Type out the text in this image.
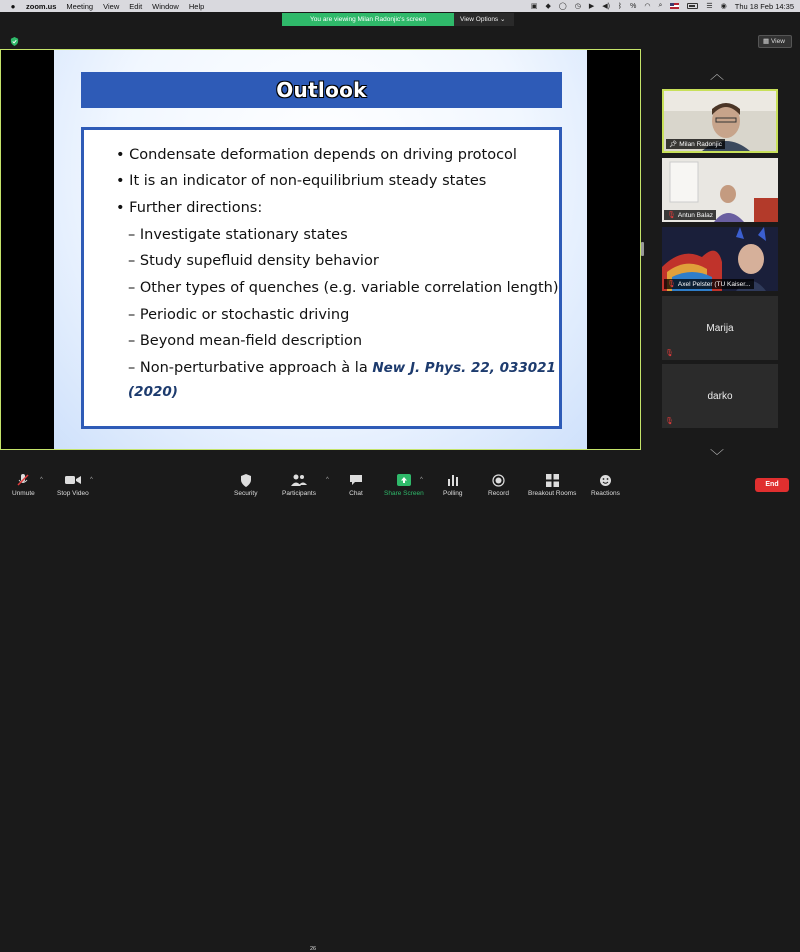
●	zoom.us Meeting View Edit Window Help	▣ ◆ ◯ ◷ ▶ ◀) ᛒ % ◠ ⌕	☰ ◉ Thu 18 Feb 14:35
You are viewing Milan Radonjic's screen	View Options ⌄
▦ View
Outlook
• Condensate deformation depends on driving protocol
• It is an indicator of non-equilibrium steady states
• Further directions:
– Investigate stationary states
– Study supefluid density behavior
– Other types of quenches (e.g. variable correlation length)
– Periodic or stochastic driving
– Beyond mean-field description
– Non-perturbative approach à la New J. Phys. 22, 033021
(2020)
︿
📌︎ Milan Radonjic
🎙︎ Antun Balaz
🎙︎ Axel Pelster (TU Kaiser...
Marija
🎙︎
darko
🎙︎
﹀
Unmute
^
Stop Video
^
Security	Participants
26
^
Chat	Share Screen
^
Polling	Record	Breakout Rooms Reactions
End
